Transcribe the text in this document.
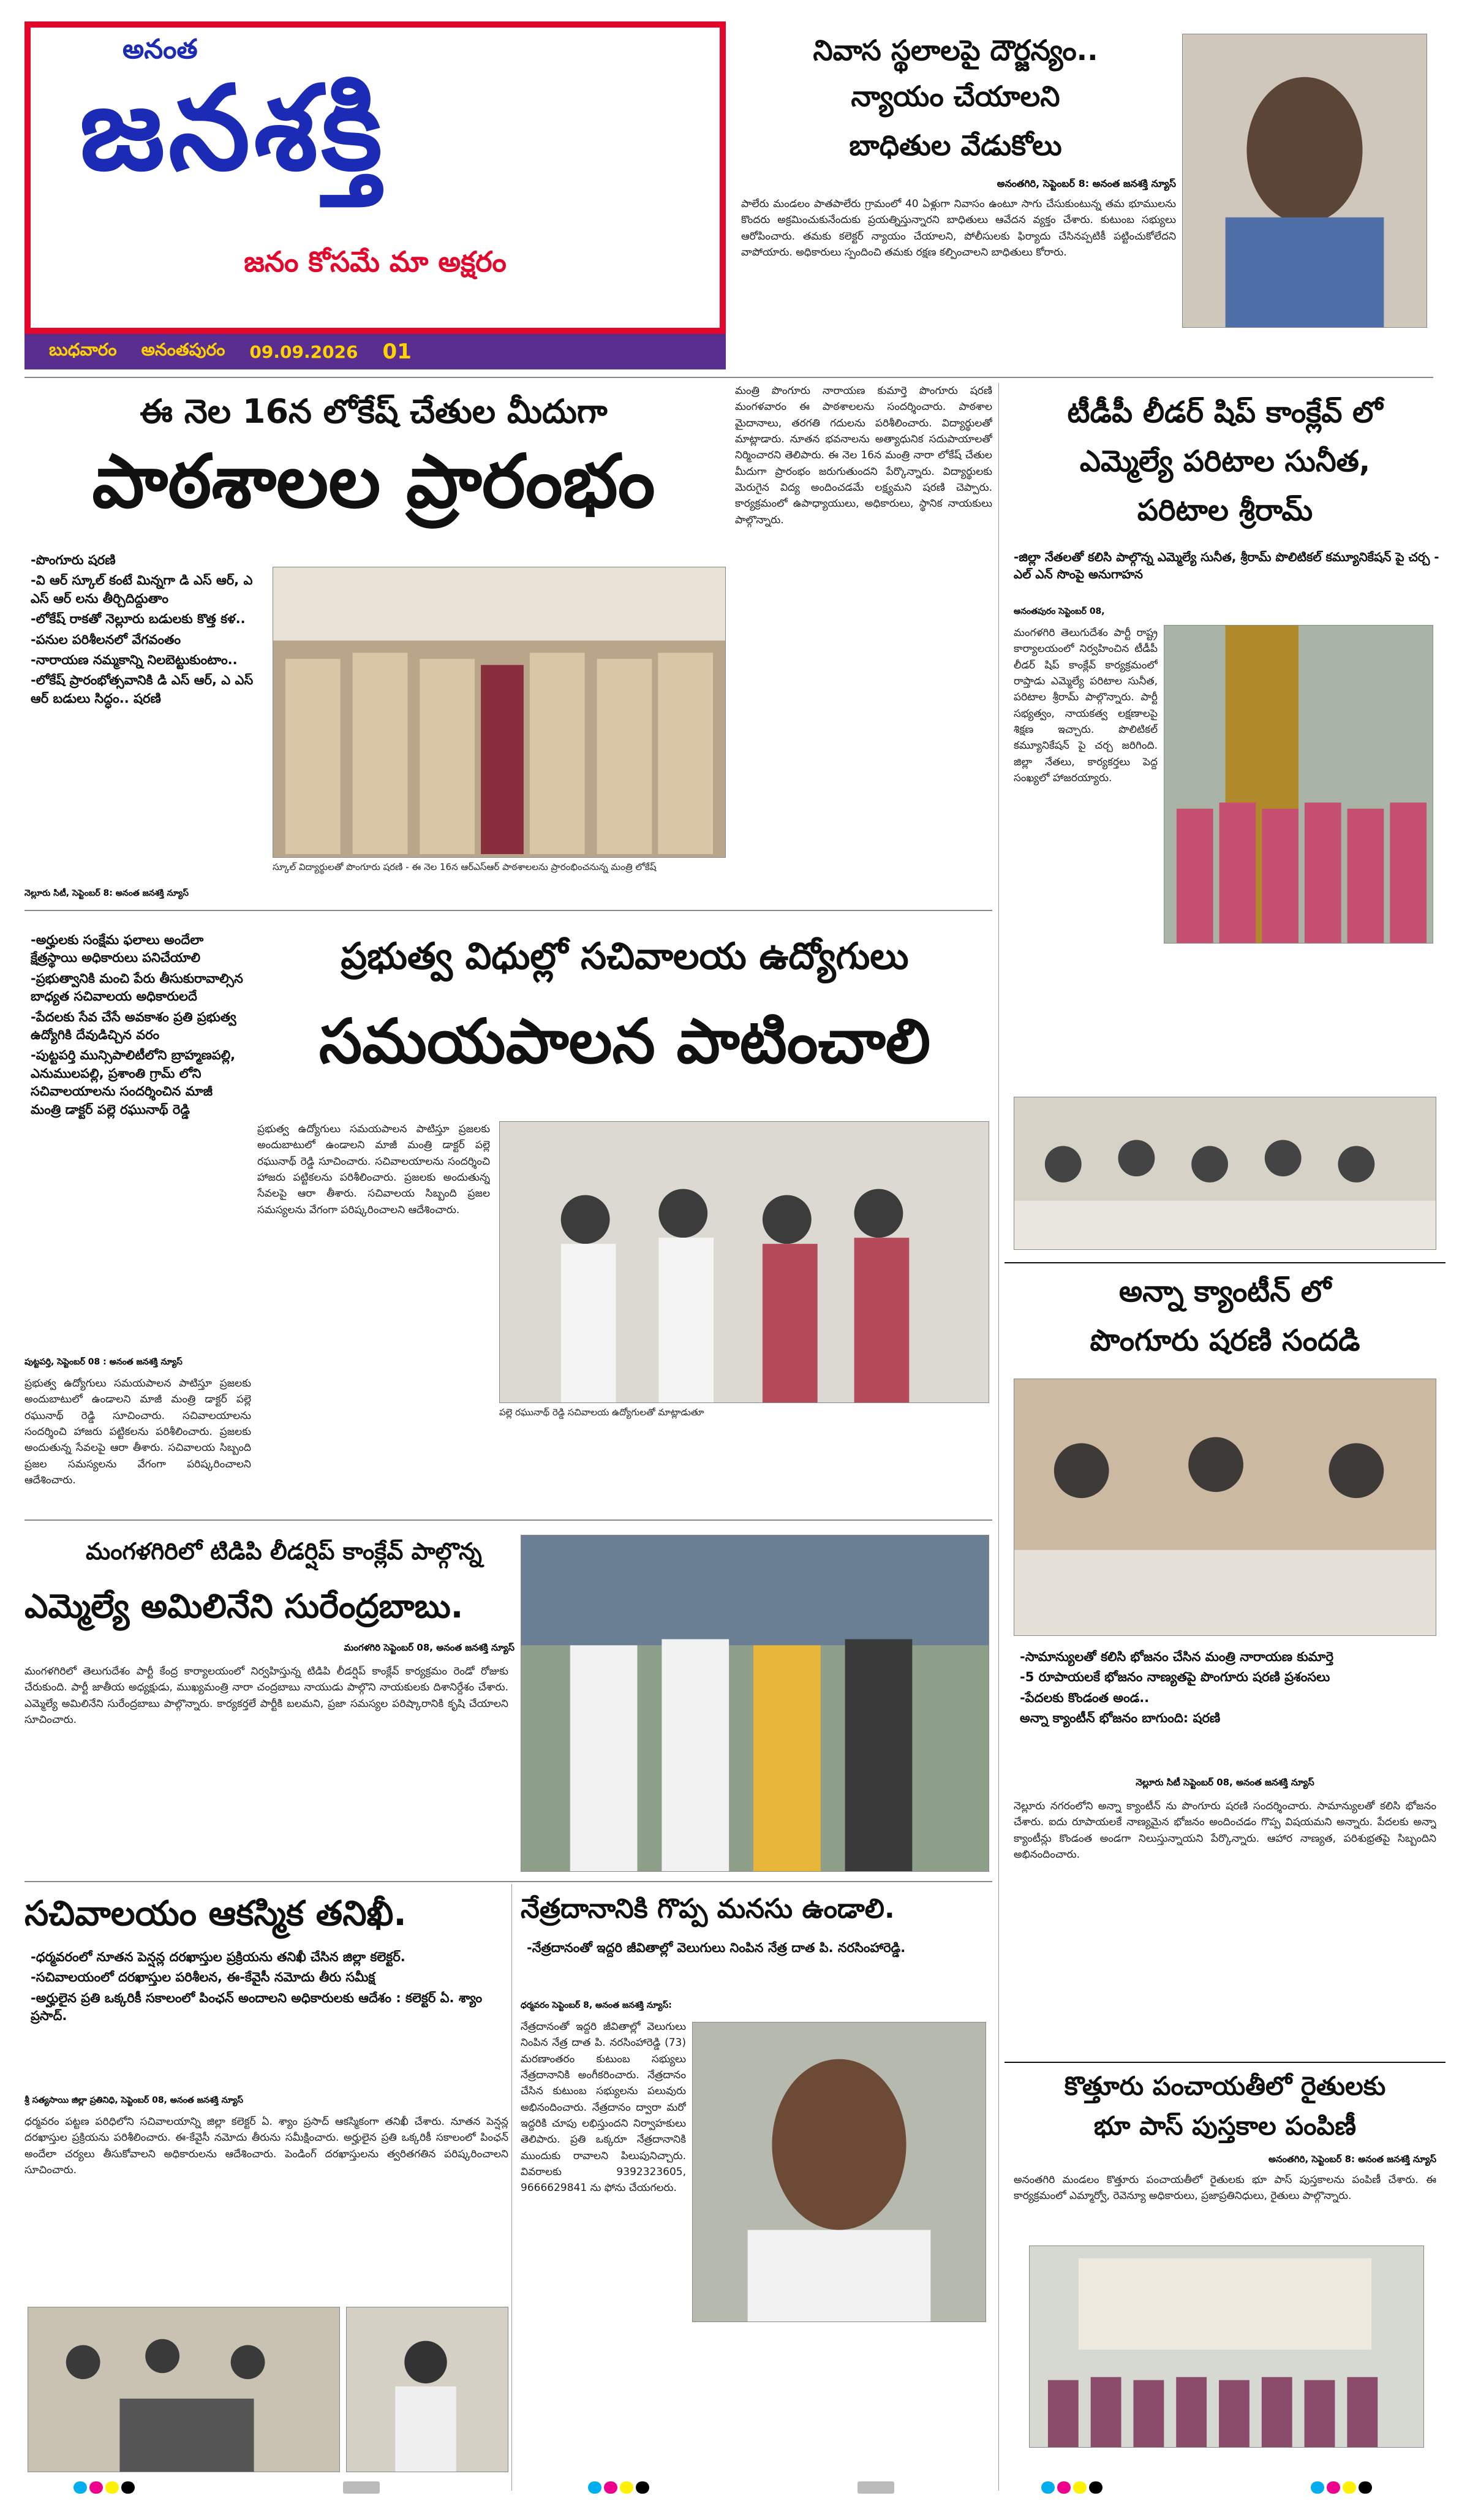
అనంత
జనశక్తి
జనం కోసమే మా అక్షరం
బుధవారం అనంతపురం 09.09.2026 01
నివాస స్థలాలపై దౌర్జన్యం..
న్యాయం చేయాలని
బాధితుల వేడుకోలు
అనంతగిరి, సెప్టెంబర్ 8: అనంత జనశక్తి న్యూస్
పాలేరు మండలం పాతపాలేరు గ్రామంలో 40 ఏళ్లుగా నివాసం ఉంటూ సాగు చేసుకుంటున్న తమ భూములను కొందరు అక్రమించుకునేందుకు ప్రయత్నిస్తున్నారని బాధితులు ఆవేదన వ్యక్తం చేశారు. కుటుంబ సభ్యులు ఆరోపించారు. తమకు కలెక్టర్ న్యాయం చేయాలని, పోలీసులకు ఫిర్యాదు చేసినప్పటికీ పట్టించుకోలేదని వాపోయారు. అధికారులు స్పందించి తమకు రక్షణ కల్పించాలని బాధితులు కోరారు.
ఈ నెల 16న లోకేష్ చేతుల మీదుగా
పాఠశాలల ప్రారంభం
-పొంగూరు షరణి
-వి ఆర్ స్కూల్ కంటే మిన్నగా డి ఎస్ ఆర్, ఎ ఎస్ ఆర్ లను తీర్చిదిద్దుతాం
-లోకేష్ రాకతో నెల్లూరు బడులకు కొత్త కళ..
-పనుల పరిశీలనలో వేగవంతం
-నారాయణ నమ్మకాన్ని నిలబెట్టుకుంటాం..
-లోకేష్ ప్రారంభోత్సవానికి డి ఎస్ ఆర్, ఎ ఎస్ ఆర్ బడులు సిద్ధం.. షరణి
నెల్లూరు సిటీ, సెప్టెంబర్ 8: అనంత జనశక్తి న్యూస్
స్కూల్ విద్యార్థులతో పొంగూరు షరణి - ఈ నెల 16న ఆర్ఎస్ఆర్ పాఠశాలలను ప్రారంభించనున్న మంత్రి లోకేష్
మంత్రి పొంగూరు నారాయణ కుమార్తె పొంగూరు షరణి మంగళవారం ఈ పాఠశాలలను సందర్శించారు. పాఠశాల మైదానాలు, తరగతి గదులను పరిశీలించారు. విద్యార్థులతో మాట్లాడారు. నూతన భవనాలను అత్యాధునిక సదుపాయాలతో నిర్మించారని తెలిపారు. ఈ నెల 16న మంత్రి నారా లోకేష్ చేతుల మీదుగా ప్రారంభం జరుగుతుందని పేర్కొన్నారు. విద్యార్థులకు మెరుగైన విద్య అందించడమే లక్ష్యమని షరణి చెప్పారు. కార్యక్రమంలో ఉపాధ్యాయులు, అధికారులు, స్థానిక నాయకులు పాల్గొన్నారు.
టీడీపీ లీడర్ షిప్ కాంక్లేవ్ లో
ఎమ్మెల్యే పరిటాల సునీత,
పరిటాల శ్రీరామ్
-జిల్లా నేతలతో కలిసి పాల్గొన్న ఎమ్మెల్యే సునీత, శ్రీరామ్ పొలిటికల్ కమ్యూనికేషన్ పై చర్చ - ఎల్ ఎన్ సొంపై అనుగాహన
అనంతపురం సెప్టెంబర్ 08,
మంగళగిరి తెలుగుదేశం పార్టీ రాష్ట్ర కార్యాలయంలో నిర్వహించిన టీడీపీ లీడర్ షిప్ కాంక్లేవ్ కార్యక్రమంలో రాప్తాడు ఎమ్మెల్యే పరిటాల సునీత, పరిటాల శ్రీరామ్ పాల్గొన్నారు. పార్టీ సభ్యత్వం, నాయకత్వ లక్షణాలపై శిక్షణ ఇచ్చారు. పొలిటికల్ కమ్యూనికేషన్ పై చర్చ జరిగింది. జిల్లా నేతలు, కార్యకర్తలు పెద్ద సంఖ్యలో హాజరయ్యారు.
అన్నా క్యాంటీన్ లో
పొంగూరు షరణి సందడి
-సామాన్యులతో కలిసి భోజనం చేసిన మంత్రి నారాయణ కుమార్తె
-5 రూపాయలకే భోజనం నాణ్యతపై పొంగూరు షరణి ప్రశంసలు
-పేదలకు కొండంత అండ..
అన్నా క్యాంటీన్ భోజనం బాగుంది: షరణి
నెల్లూరు సిటీ సెప్టెంబర్ 08, అనంత జనశక్తి న్యూస్
నెల్లూరు నగరంలోని అన్నా క్యాంటీన్ ను పొంగూరు షరణి సందర్శించారు. సామాన్యులతో కలిసి భోజనం చేశారు. ఐదు రూపాయలకే నాణ్యమైన భోజనం అందించడం గొప్ప విషయమని అన్నారు. పేదలకు అన్నా క్యాంటీన్లు కొండంత అండగా నిలుస్తున్నాయని పేర్కొన్నారు. ఆహార నాణ్యత, పరిశుభ్రతపై సిబ్బందిని అభినందించారు.
కొత్తూరు పంచాయతీలో రైతులకు
భూ పాస్ పుస్తకాల పంపిణీ
అనంతగిరి, సెప్టెంబర్ 8: అనంత జనశక్తి న్యూస్
అనంతగిరి మండలం కొత్తూరు పంచాయతీలో రైతులకు భూ పాస్ పుస్తకాలను పంపిణీ చేశారు. ఈ కార్యక్రమంలో ఎమ్మార్వో, రెవెన్యూ అధికారులు, ప్రజాప్రతినిధులు, రైతులు పాల్గొన్నారు.
ప్రభుత్వ విధుల్లో సచివాలయ ఉద్యోగులు
సమయపాలన పాటించాలి
-అర్హులకు సంక్షేమ ఫలాలు అందేలా క్షేత్రస్థాయి అధికారులు పనిచేయాలి
-ప్రభుత్వానికి మంచి పేరు తీసుకురావాల్సిన బాధ్యత సచివాలయ అధికారులదే
-పేదలకు సేవ చేసే అవకాశం ప్రతి ప్రభుత్వ ఉద్యోగికి దేవుడిచ్చిన వరం
-పుట్టపర్తి మున్సిపాలిటీలోని బ్రాహ్మణపల్లి, ఎనుములపల్లి, ప్రశాంతి గ్రామ్ లోని సచివాలయాలను సందర్శించిన మాజీ మంత్రి డాక్టర్ పల్లె రఘునాథ్ రెడ్డి
పుట్టపర్తి, సెప్టెంబర్ 08 : అనంత జనశక్తి న్యూస్
ప్రభుత్వ ఉద్యోగులు సమయపాలన పాటిస్తూ ప్రజలకు అందుబాటులో ఉండాలని మాజీ మంత్రి డాక్టర్ పల్లె రఘునాథ్ రెడ్డి సూచించారు. సచివాలయాలను సందర్శించి హాజరు పట్టికలను పరిశీలించారు. ప్రజలకు అందుతున్న సేవలపై ఆరా తీశారు. సచివాలయ సిబ్బంది ప్రజల సమస్యలను వేగంగా పరిష్కరించాలని ఆదేశించారు.
పల్లె రఘునాథ్ రెడ్డి సచివాలయ ఉద్యోగులతో మాట్లాడుతూ
ప్రభుత్వ ఉద్యోగులు సమయపాలన పాటిస్తూ ప్రజలకు అందుబాటులో ఉండాలని మాజీ మంత్రి డాక్టర్ పల్లె రఘునాథ్ రెడ్డి సూచించారు. సచివాలయాలను సందర్శించి హాజరు పట్టికలను పరిశీలించారు. ప్రజలకు అందుతున్న సేవలపై ఆరా తీశారు. సచివాలయ సిబ్బంది ప్రజల సమస్యలను వేగంగా పరిష్కరించాలని ఆదేశించారు.
మంగళగిరిలో టిడిపి లీడర్షిప్ కాంక్లేవ్ పాల్గొన్న
ఎమ్మెల్యే అమిలినేని సురేంద్రబాబు.
మంగళగిరి సెప్టెంబర్ 08, అనంత జనశక్తి న్యూస్
మంగళగిరిలో తెలుగుదేశం పార్టీ కేంద్ర కార్యాలయంలో నిర్వహిస్తున్న టిడిపి లీడర్షిప్ కాంక్లేవ్ కార్యక్రమం రెండో రోజుకు చేరుకుంది. పార్టీ జాతీయ అధ్యక్షుడు, ముఖ్యమంత్రి నారా చంద్రబాబు నాయుడు పాల్గొని నాయకులకు దిశానిర్దేశం చేశారు. ఎమ్మెల్యే అమిలినేని సురేంద్రబాబు పాల్గొన్నారు. కార్యకర్తలే పార్టీకి బలమని, ప్రజా సమస్యల పరిష్కారానికి కృషి చేయాలని సూచించారు.
సచివాలయం ఆకస్మిక తనిఖీ.
-ధర్మవరంలో నూతన పెన్షన్ల దరఖాస్తుల ప్రక్రియను తనిఖీ చేసిన జిల్లా కలెక్టర్.
-సచివాలయంలో దరఖాస్తుల పరిశీలన, ఈ-కేవైసీ నమోదు తీరు సమీక్ష
-అర్హులైన ప్రతి ఒక్కరికీ సకాలంలో పింఛన్ అందాలని అధికారులకు ఆదేశం : కలెక్టర్ ఏ. శ్యాం ప్రసాద్.
శ్రీ సత్యసాయి జిల్లా ప్రతినిధి, సెప్టెంబర్ 08, అనంత జనశక్తి న్యూస్
ధర్మవరం పట్టణ పరిధిలోని సచివాలయాన్ని జిల్లా కలెక్టర్ ఏ. శ్యాం ప్రసాద్ ఆకస్మికంగా తనిఖీ చేశారు. నూతన పెన్షన్ల దరఖాస్తుల ప్రక్రియను పరిశీలించారు. ఈ-కేవైసీ నమోదు తీరును సమీక్షించారు. అర్హులైన ప్రతి ఒక్కరికీ సకాలంలో పింఛన్ అందేలా చర్యలు తీసుకోవాలని అధికారులను ఆదేశించారు. పెండింగ్ దరఖాస్తులను త్వరితగతిన పరిష్కరించాలని సూచించారు.
నేత్రదానానికి గొప్ప మనసు ఉండాలి.
-నేత్రదానంతో ఇద్దరి జీవితాల్లో వెలుగులు నింపిన నేత్ర దాత పి. నరసింహారెడ్డి.
ధర్మవరం సెప్టెంబర్ 8, అనంత జనశక్తి న్యూస్:
నేత్రదానంతో ఇద్దరి జీవితాల్లో వెలుగులు నింపిన నేత్ర దాత పి. నరసింహారెడ్డి (73) మరణాంతరం కుటుంబ సభ్యులు నేత్రదానానికి అంగీకరించారు. నేత్రదానం చేసిన కుటుంబ సభ్యులను పలువురు అభినందించారు. నేత్రదానం ద్వారా మరో ఇద్దరికి చూపు లభిస్తుందని నిర్వాహకులు తెలిపారు. ప్రతి ఒక్కరూ నేత్రదానానికి ముందుకు రావాలని పిలుపునిచ్చారు. వివరాలకు 9392323605, 9666629841 ను ఫోను చేయగలరు.
